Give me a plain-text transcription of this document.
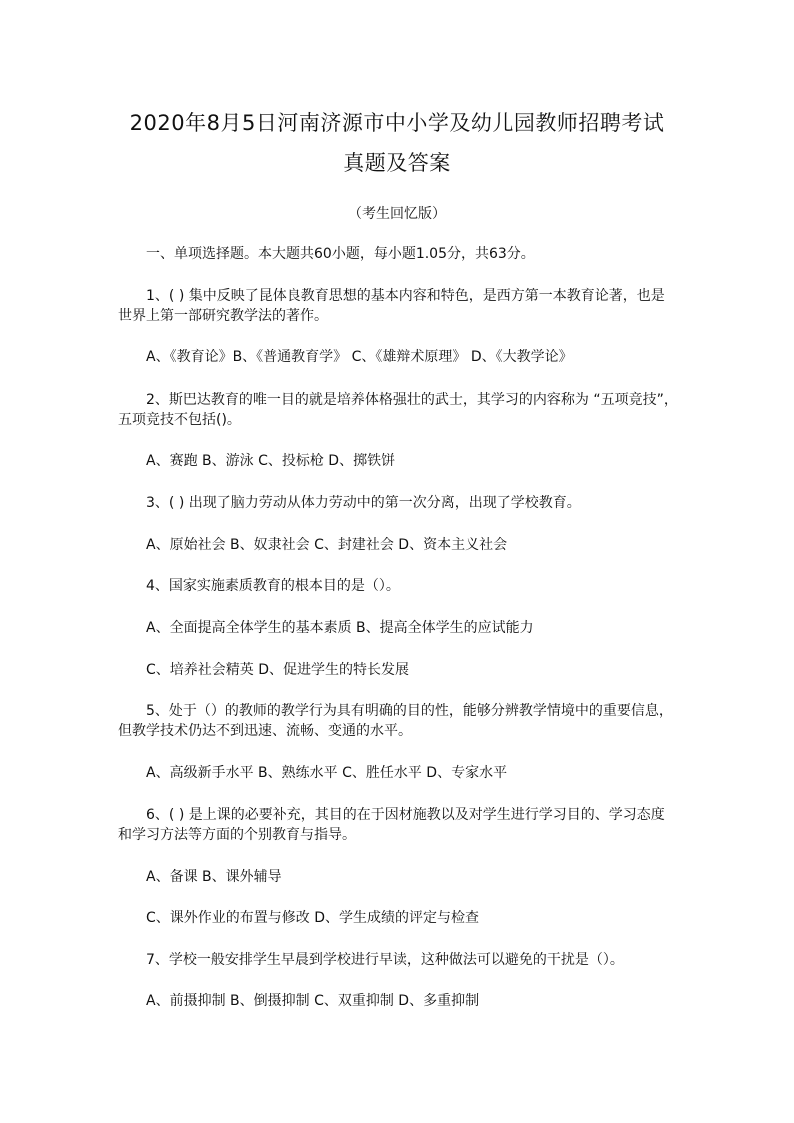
2020年8月5日河南济源市中小学及幼儿园教师招聘考试
真题及答案
（考生回忆版）
一、单项选择题。本大题共60小题，每小题1.05分，共63分。
1、( ) 集中反映了昆体良教育思想的基本内容和特色，是西方第一本教育论著，也是世界上第一部研究教学法的著作。
A、《教育论》B、《普通教育学》 C、《雄辩术原理》 D、《大教学论》
2、斯巴达教育的唯一目的就是培养体格强壮的武士，其学习的内容称为 “五项竞技”，五项竞技不包括()。
A、赛跑 B、游泳 C、投标枪 D、掷铁饼
3、( ) 出现了脑力劳动从体力劳动中的第一次分离，出现了学校教育。
A、原始社会 B、奴隶社会 C、封建社会 D、资本主义社会
4、国家实施素质教育的根本目的是（）。
A、全面提高全体学生的基本素质 B、提高全体学生的应试能力
C、培养社会精英 D、促进学生的特长发展
5、处于（）的教师的教学行为具有明确的目的性，能够分辨教学情境中的重要信息，但教学技术仍达不到迅速、流畅、变通的水平。
A、高级新手水平 B、熟练水平 C、胜任水平 D、专家水平
6、( ) 是上课的必要补充，其目的在于因材施教以及对学生进行学习目的、学习态度和学习方法等方面的个别教育与指导。
A、备课 B、课外辅导
C、课外作业的布置与修改 D、学生成绩的评定与检查
7、学校一般安排学生早晨到学校进行早读，这种做法可以避免的干扰是（）。
A、前摄抑制 B、倒摄抑制 C、双重抑制 D、多重抑制
